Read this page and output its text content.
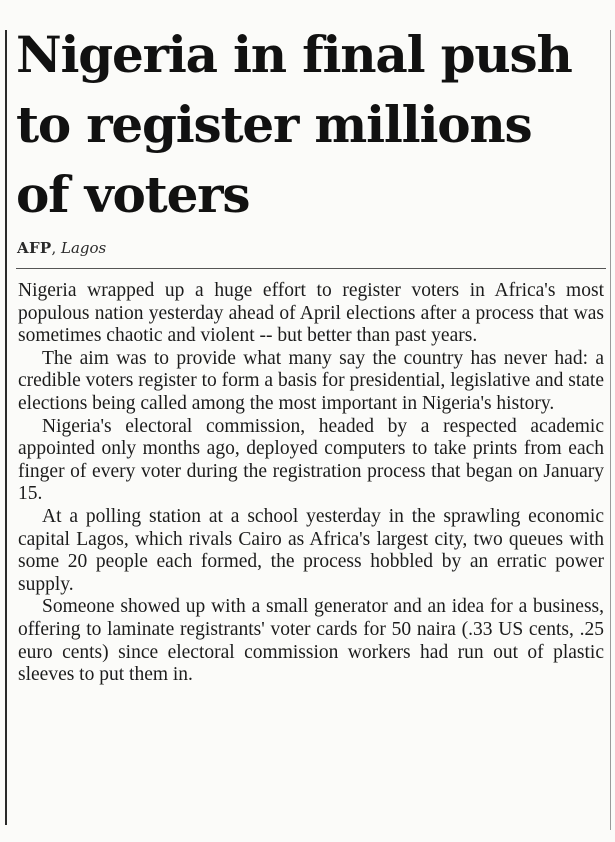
Nigeria in final push
to register millions
of voters
AFP, Lagos

Nigeria wrapped up a huge effort to register voters in Africa's most populous nation yesterday ahead of April elections after a process that was sometimes chaotic and violent -- but better than past years.

The aim was to provide what many say the country has never had: a credible voters register to form a basis for presidential, legislative and state elections being called among the most important in Nigeria's history.

Nigeria's electoral commission, headed by a respected academic appointed only months ago, deployed computers to take prints from each finger of every voter during the registration process that began on January 15.

At a polling station at a school yesterday in the sprawling economic capital Lagos, which rivals Cairo as Africa's largest city, two queues with some 20 people each formed, the process hobbled by an erratic power supply.

Someone showed up with a small generator and an idea for a business, offering to laminate registrants' voter cards for 50 naira (.33 US cents, .25 euro cents) since electoral commission workers had run out of plastic sleeves to put them in.
